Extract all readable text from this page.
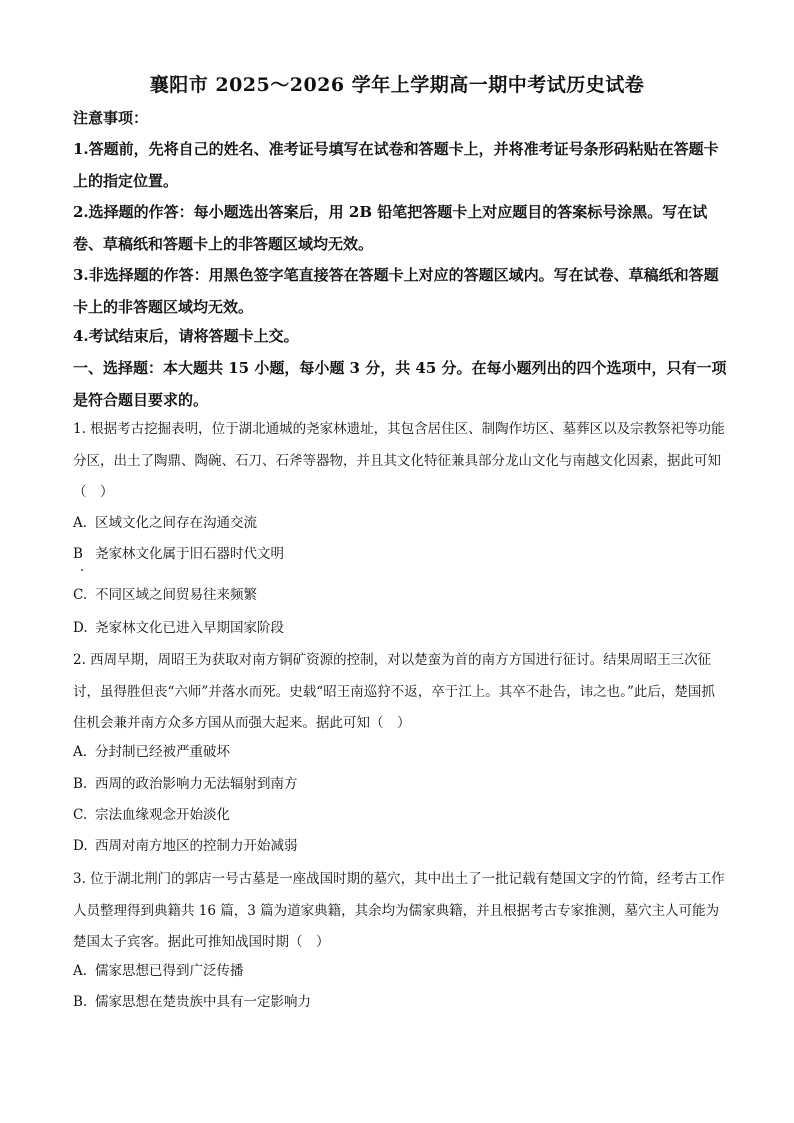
襄阳市 2025～2026 学年上学期高一期中考试历史试卷
注意事项：
1.答题前，先将自己的姓名、准考证号填写在试卷和答题卡上，并将准考证号条形码粘贴在答题卡上的指定位置。
2.选择题的作答：每小题选出答案后，用 2B 铅笔把答题卡上对应题目的答案标号涂黑。写在试卷、草稿纸和答题卡上的非答题区域均无效。
3.非选择题的作答：用黑色签字笔直接答在答题卡上对应的答题区域内。写在试卷、草稿纸和答题卡上的非答题区域均无效。
4.考试结束后，请将答题卡上交。
一、选择题：本大题共 15 小题，每小题 3 分，共 45 分。在每小题列出的四个选项中，只有一项是符合题目要求的。
1. 根据考古挖掘表明，位于湖北通城的尧家林遗址，其包含居住区、制陶作坊区、墓葬区以及宗教祭祀等功能分区，出土了陶鼎、陶碗、石刀、石斧等器物，并且其文化特征兼具部分龙山文化与南越文化因素，据此可知（　）
A. 区域文化之间存在沟通交流
B 尧家林文化属于旧石器时代文明
C. 不同区域之间贸易往来频繁
D. 尧家林文化已进入早期国家阶段
2. 西周早期，周昭王为获取对南方铜矿资源的控制，对以楚蛮为首的南方方国进行征讨。结果周昭王三次征讨，虽得胜但丧“六师”并落水而死。史载“昭王南巡狩不返，卒于江上。其卒不赴告，讳之也。”此后，楚国抓住机会兼并南方众多方国从而强大起来。据此可知（　）
A. 分封制已经被严重破坏
B. 西周的政治影响力无法辐射到南方
C. 宗法血缘观念开始淡化
D. 西周对南方地区的控制力开始减弱
3. 位于湖北荆门的郭店一号古墓是一座战国时期的墓穴，其中出土了一批记载有楚国文字的竹简，经考古工作人员整理得到典籍共 16 篇，3 篇为道家典籍，其余均为儒家典籍，并且根据考古专家推测，墓穴主人可能为楚国太子宾客。据此可推知战国时期（　）
A. 儒家思想已得到广泛传播
B. 儒家思想在楚贵族中具有一定影响力
